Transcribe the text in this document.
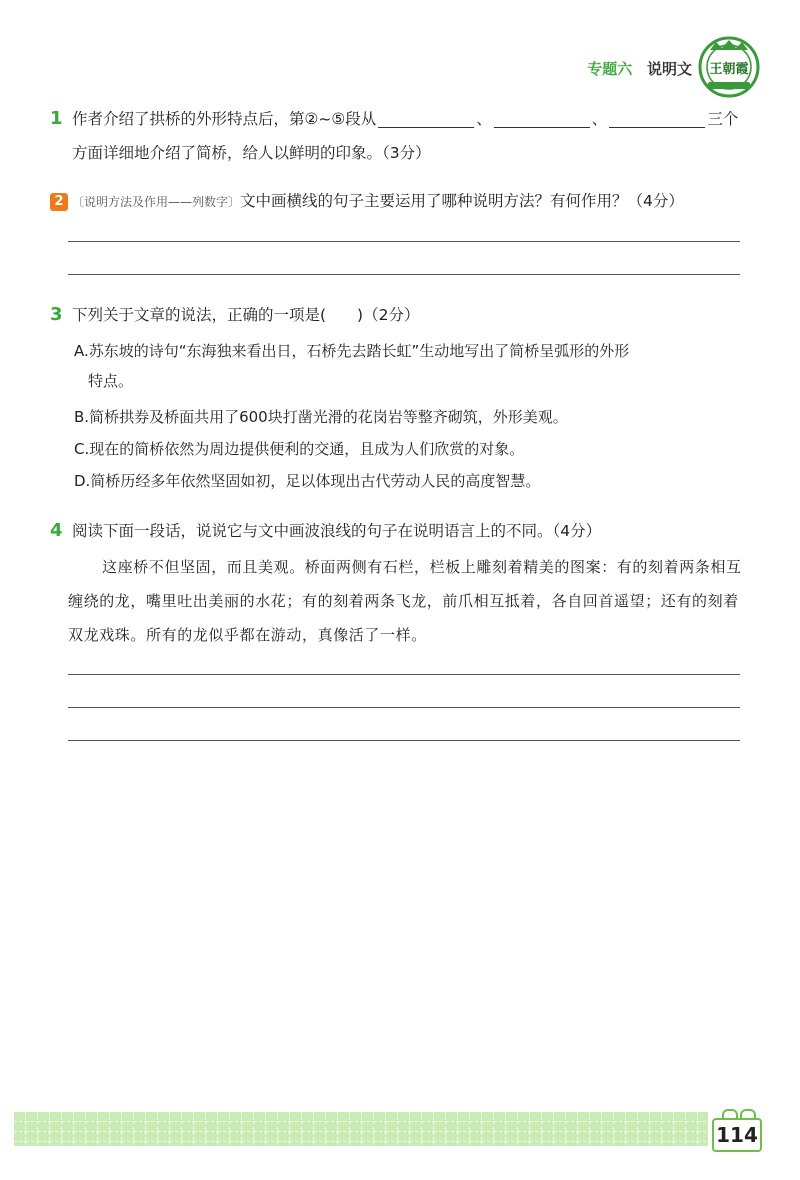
专题六 说明文 王朝霞
1 作者介绍了拱桥的外形特点后，第②~⑤段从	、	、	三个
方面详细地介绍了简桥，给人以鲜明的印象。（3分）
2 〔说明方法及作用——列数字〕文中画横线的句子主要运用了哪种说明方法？有何作用？（4分）
3 下列关于文章的说法，正确的一项是(　　)（2分）
A.苏东坡的诗句“东海独来看出日，石桥先去踏长虹”生动地写出了简桥呈弧形的外形
特点。
B.简桥拱券及桥面共用了600块打凿光滑的花岗岩等整齐砌筑，外形美观。
C.现在的简桥依然为周边提供便利的交通，且成为人们欣赏的对象。
D.简桥历经多年依然坚固如初，足以体现出古代劳动人民的高度智慧。
4 阅读下面一段话，说说它与文中画波浪线的句子在说明语言上的不同。（4分）
这座桥不但坚固，而且美观。桥面两侧有石栏，栏板上雕刻着精美的图案：有的刻着两条相互缠绕的龙，嘴里吐出美丽的水花；有的刻着两条飞龙，前爪相互抵着，各自回首遥望；还有的刻着双龙戏珠。所有的龙似乎都在游动，真像活了一样。
114
